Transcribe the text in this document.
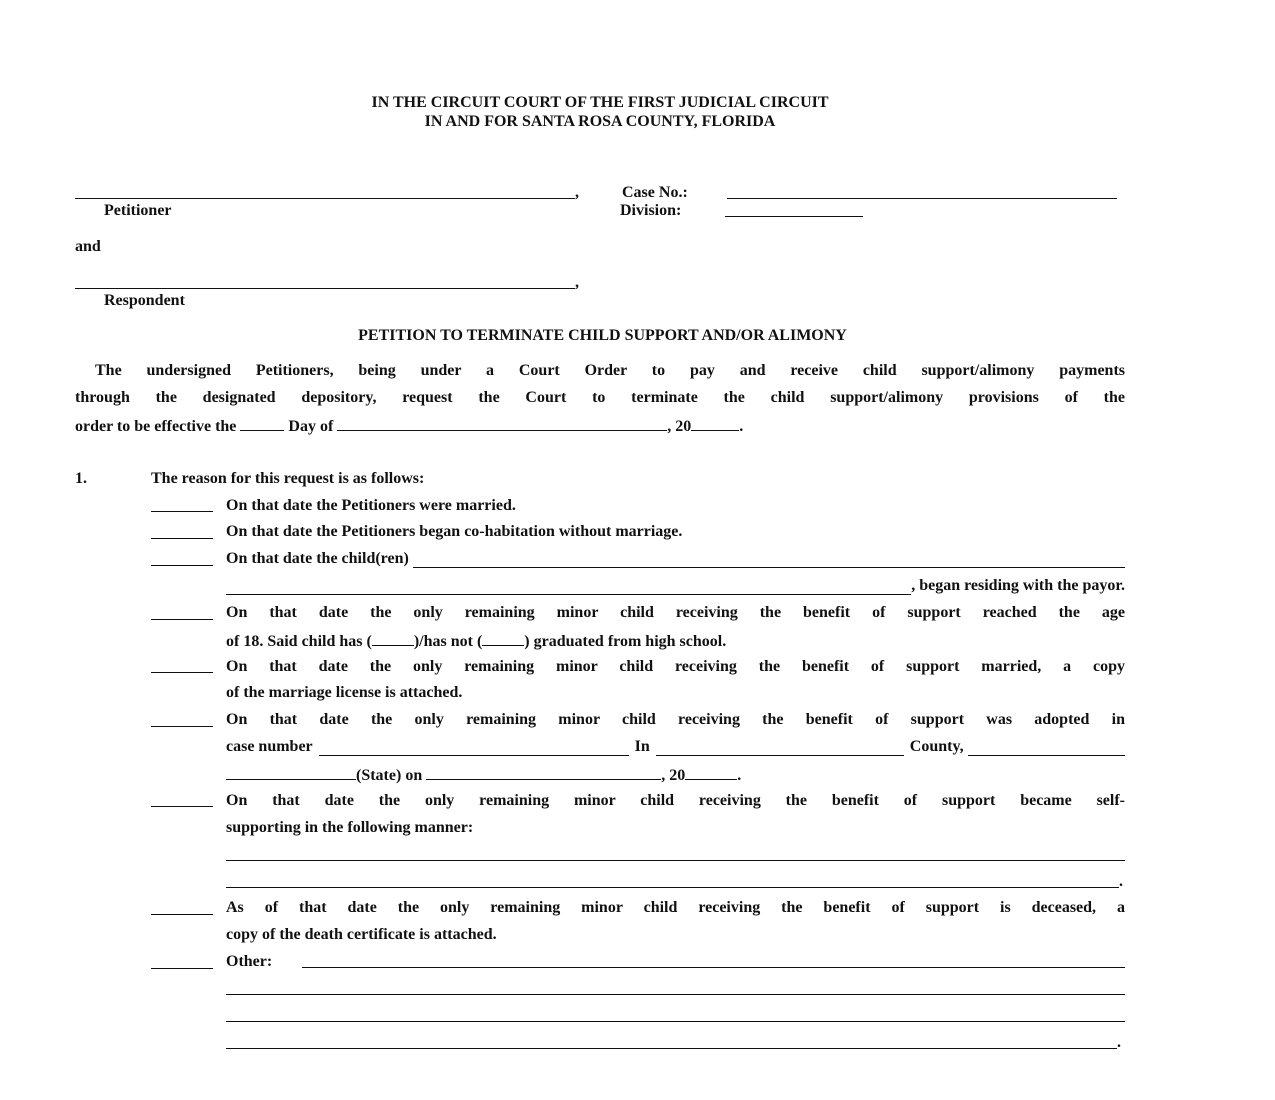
IN THE CIRCUIT COURT OF THE FIRST JUDICIAL CIRCUIT
IN AND FOR SANTA ROSA COUNTY, FLORIDA
,
Petitioner
and
,
Respondent
Case No.:
Division:
PETITION TO TERMINATE CHILD SUPPORT AND/OR ALIMONY
The undersigned Petitioners, being under a Court Order to pay and receive child support/alimony payments
through the designated depository, request the Court to terminate the child support/alimony provisions of the
order to be effective the	Day of	, 20	.
1.	The reason for this request is as follows:
On that date the Petitioners were married.
On that date the Petitioners began co-habitation without marriage.
On that date the child(ren)
, began residing with the payor.
On that date the only remaining minor child receiving the benefit of support reached the age
of 18. Said child has (	)/has not (	) graduated from high school.
On that date the only remaining minor child receiving the benefit of support married, a copy
of the marriage license is attached.
On that date the only remaining minor child receiving the benefit of support was adopted in
case number	In	County,
(State) on	, 20	.
On that date the only remaining minor child receiving the benefit of support became self-
supporting in the following manner:
.
As of that date the only remaining minor child receiving the benefit of support is deceased, a
copy of the death certificate is attached.
Other:
.
